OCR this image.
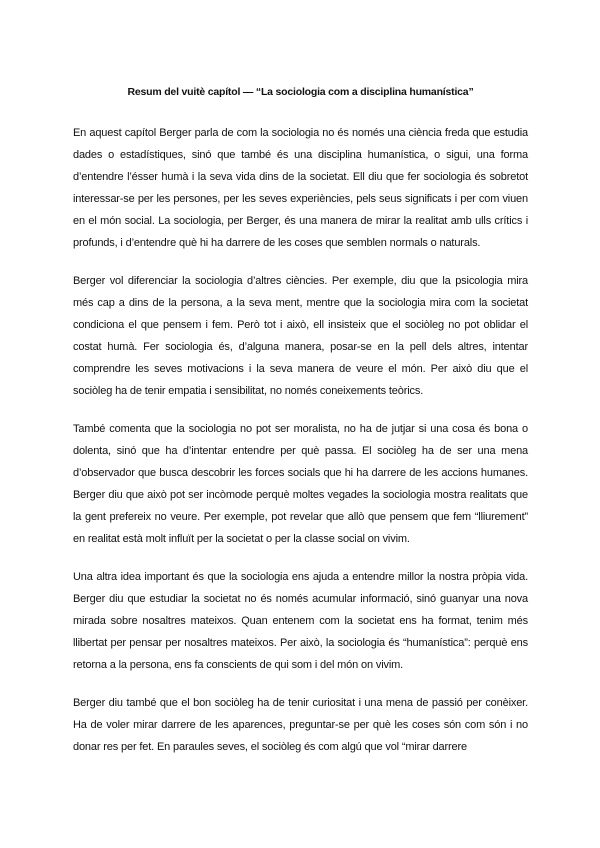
Resum del vuitè capítol — “La sociologia com a disciplina humanística”

En aquest capítol Berger parla de com la sociologia no és només una ciència freda que estudia dades o estadístiques, sinó que també és una disciplina humanística, o sigui, una forma d’entendre l’ésser humà i la seva vida dins de la societat. Ell diu que fer sociologia és sobretot interessar-se per les persones, per les seves experiències, pels seus significats i per com viuen en el món social. La sociologia, per Berger, és una manera de mirar la realitat amb ulls crítics i profunds, i d’entendre què hi ha darrere de les coses que semblen normals o naturals.

Berger vol diferenciar la sociologia d’altres ciències. Per exemple, diu que la psicologia mira més cap a dins de la persona, a la seva ment, mentre que la sociologia mira com la societat condiciona el que pensem i fem. Però tot i això, ell insisteix que el sociòleg no pot oblidar el costat humà. Fer sociologia és, d’alguna manera, posar-se en la pell dels altres, intentar comprendre les seves motivacions i la seva manera de veure el món. Per això diu que el sociòleg ha de tenir empatia i sensibilitat, no només coneixements teòrics.

També comenta que la sociologia no pot ser moralista, no ha de jutjar si una cosa és bona o dolenta, sinó que ha d’intentar entendre per què passa. El sociòleg ha de ser una mena d’observador que busca descobrir les forces socials que hi ha darrere de les accions humanes. Berger diu que això pot ser incòmode perquè moltes vegades la sociologia mostra realitats que la gent prefereix no veure. Per exemple, pot revelar que allò que pensem que fem “lliurement” en realitat està molt influït per la societat o per la classe social on vivim.

Una altra idea important és que la sociologia ens ajuda a entendre millor la nostra pròpia vida. Berger diu que estudiar la societat no és només acumular informació, sinó guanyar una nova mirada sobre nosaltres mateixos. Quan entenem com la societat ens ha format, tenim més llibertat per pensar per nosaltres mateixos. Per això, la sociologia és “humanística”: perquè ens retorna a la persona, ens fa conscients de qui som i del món on vivim.

Berger diu també que el bon sociòleg ha de tenir curiositat i una mena de passió per conèixer. Ha de voler mirar darrere de les aparences, preguntar-se per què les coses són com són i no donar res per fet. En paraules seves, el sociòleg és com algú que vol “mirar darrere
